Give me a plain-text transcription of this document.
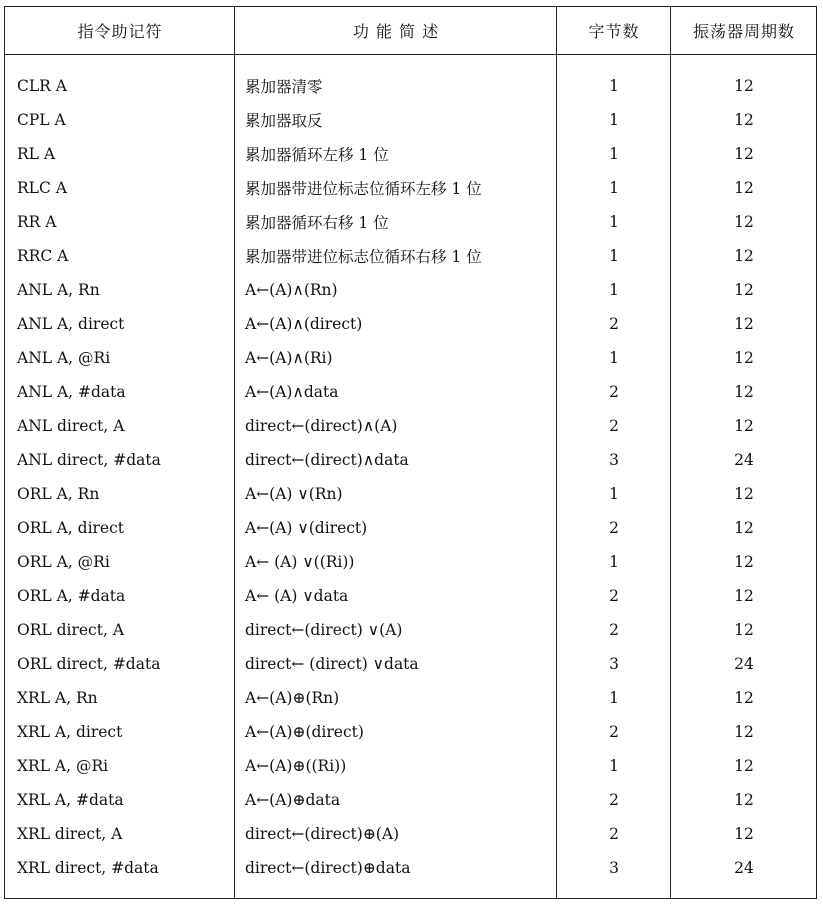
指令助记符	功 能 简 述	字节数	振荡器周期数
CLR A	累加器清零	1	12
CPL A	累加器取反	1	12
RL A	累加器循环左移 1 位	1	12
RLC A	累加器带进位标志位循环左移 1 位	1	12
RR A	累加器循环右移 1 位	1	12
RRC A	累加器带进位标志位循环右移 1 位	1	12
ANL A, Rn	A←(A)∧(Rn)	1	12
ANL A, direct	A←(A)∧(direct)	2	12
ANL A, @Ri	A←(A)∧(Ri)	1	12
ANL A, #data	A←(A)∧data	2	12
ANL direct, A	direct←(direct)∧(A)	2	12
ANL direct, #data	direct←(direct)∧data	3	24
ORL A, Rn	A←(A) ∨(Rn)	1	12
ORL A, direct	A←(A) ∨(direct)	2	12
ORL A, @Ri	A← (A) ∨((Ri))	1	12
ORL A, #data	A← (A) ∨data	2	12
ORL direct, A	direct←(direct) ∨(A)	2	12
ORL direct, #data	direct← (direct) ∨data	3	24
XRL A, Rn	A←(A)⊕(Rn)	1	12
XRL A, direct	A←(A)⊕(direct)	2	12
XRL A, @Ri	A←(A)⊕((Ri))	1	12
XRL A, #data	A←(A)⊕data	2	12
XRL direct, A	direct←(direct)⊕(A)	2	12
XRL direct, #data	direct←(direct)⊕data	3	24
